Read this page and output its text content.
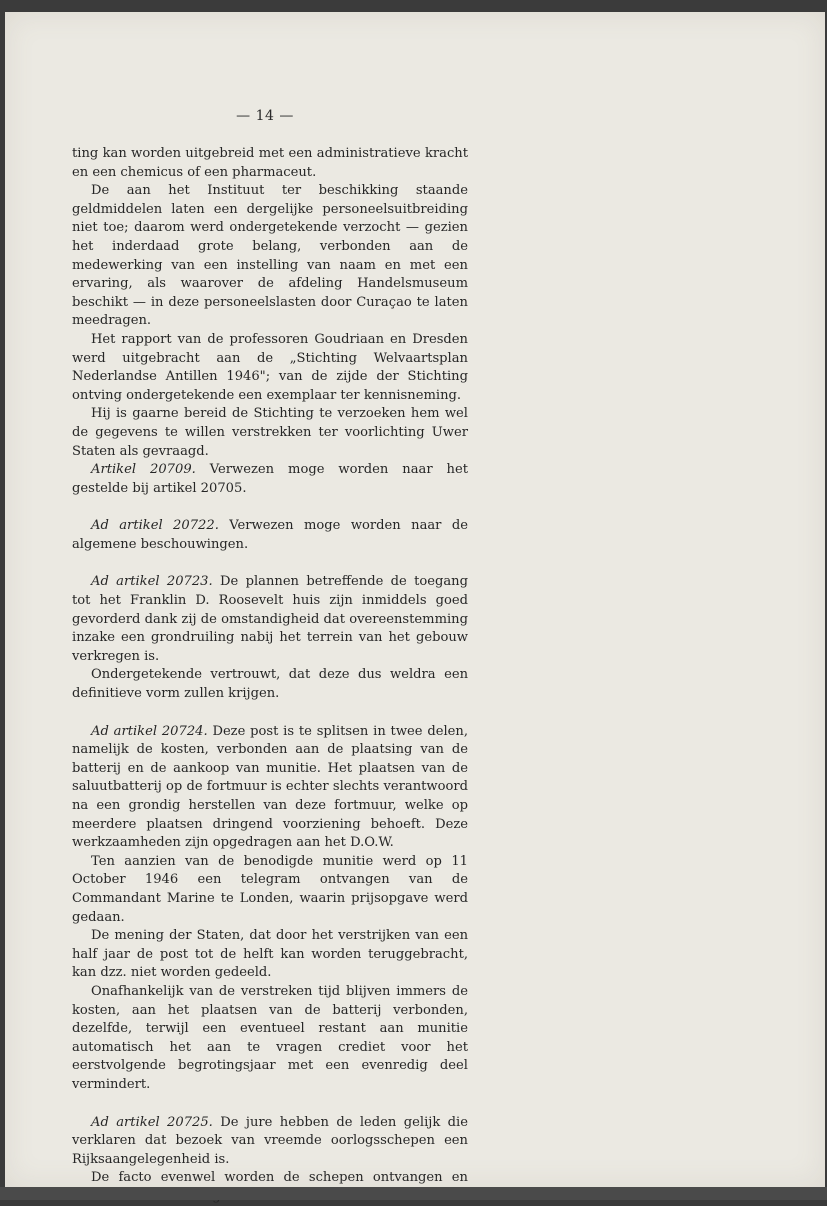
— 14 —

ting kan worden uitgebreid met een administratieve kracht en een chemicus of een pharmaceut.

De aan het Instituut ter beschikking staande geldmiddelen laten een dergelijke personeelsuitbreiding niet toe; daarom werd ondergetekende verzocht — gezien het inderdaad grote belang, verbonden aan de medewerking van een instelling van naam en met een ervaring, als waarover de afdeling Handelsmuseum beschikt — in deze personeelslasten door Curaçao te laten meedragen.

Het rapport van de professoren Goudriaan en Dresden werd uitgebracht aan de „Stichting Welvaartsplan Nederlandse Antillen 1946"; van de zijde der Stichting ontving ondergetekende een exemplaar ter kennisneming.

Hij is gaarne bereid de Stichting te verzoeken hem wel de gegevens te willen verstrekken ter voorlichting Uwer Staten als gevraagd.

Artikel 20709. Verwezen moge worden naar het gestelde bij artikel 20705.

Ad artikel 20722. Verwezen moge worden naar de algemene beschouwingen.

Ad artikel 20723. De plannen betreffende de toegang tot het Franklin D. Roosevelt huis zijn inmiddels goed gevorderd dank zij de omstandigheid dat overeenstemming inzake een grondruiling nabij het terrein van het gebouw verkregen is.

Ondergetekende vertrouwt, dat deze dus weldra een definitieve vorm zullen krijgen.

Ad artikel 20724. Deze post is te splitsen in twee delen, namelijk de kosten, verbonden aan de plaatsing van de batterij en de aankoop van munitie. Het plaatsen van de saluutbatterij op de fortmuur is echter slechts verantwoord na een grondig herstellen van deze fortmuur, welke op meerdere plaatsen dringend voorziening behoeft. Deze werkzaamheden zijn opgedragen aan het D.O.W.

Ten aanzien van de benodigde munitie werd op 11 October 1946 een telegram ontvangen van de Commandant Marine te Londen, waarin prijsopgave werd gedaan.

De mening der Staten, dat door het verstrijken van een half jaar de post tot de helft kan worden teruggebracht, kan dzz. niet worden gedeeld.

Onafhankelijk van de verstreken tijd blijven immers de kosten, aan het plaatsen van de batterij verbonden, dezelfde, terwijl een eventueel restant aan munitie automatisch het aan te vragen crediet voor het eerstvolgende begrotingsjaar met een evenredig deel vermindert.

Ad artikel 20725. De jure hebben de leden gelijk die verklaren dat bezoek van vreemde oorlogsschepen een Rijksaangelegenheid is.

De facto evenwel worden de schepen ontvangen en
